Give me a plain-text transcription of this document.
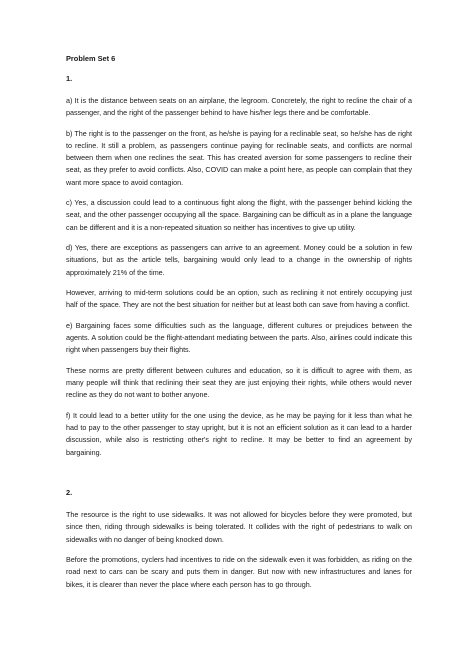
Problem Set 6
1.

a) It is the distance between seats on an airplane, the legroom. Concretely, the right to recline the chair of a passenger, and the right of the passenger behind to have his/her legs there and be comfortable.

b) The right is to the passenger on the front, as he/she is paying for a reclinable seat, so he/she has de right to recline. It still a problem, as passengers continue paying for reclinable seats, and conflicts are normal between them when one reclines the seat. This has created aversion for some passengers to recline their seat, as they prefer to avoid conflicts. Also, COVID can make a point here, as people can complain that they want more space to avoid contagion.

c) Yes, a discussion could lead to a continuous fight along the flight, with the passenger behind kicking the seat, and the other passenger occupying all the space. Bargaining can be difficult as in a plane the language can be different and it is a non-repeated situation so neither has incentives to give up utility.

d) Yes, there are exceptions as passengers can arrive to an agreement. Money could be a solution in few situations, but as the article tells, bargaining would only lead to a change in the ownership of rights approximately 21% of the time.

However, arriving to mid-term solutions could be an option, such as reclining it not entirely occupying just half of the space. They are not the best situation for neither but at least both can save from having a conflict.

e) Bargaining faces some difficulties such as the language, different cultures or prejudices between the agents. A solution could be the flight-attendant mediating between the parts. Also, airlines could indicate this right when passengers buy their flights.

These norms are pretty different between cultures and education, so it is difficult to agree with them, as many people will think that reclining their seat they are just enjoying their rights, while others would never recline as they do not want to bother anyone.

f) It could lead to a better utility for the one using the device, as he may be paying for it less than what he had to pay to the other passenger to stay upright, but it is not an efficient solution as it can lead to a harder discussion, while also is restricting other's right to recline. It may be better to find an agreement by bargaining.

2.

The resource is the right to use sidewalks. It was not allowed for bicycles before they were promoted, but since then, riding through sidewalks is being tolerated. It collides with the right of pedestrians to walk on sidewalks with no danger of being knocked down.

Before the promotions, cyclers had incentives to ride on the sidewalk even it was forbidden, as riding on the road next to cars can be scary and puts them in danger. But now with new infrastructures and lanes for bikes, it is clearer than never the place where each person has to go through.
